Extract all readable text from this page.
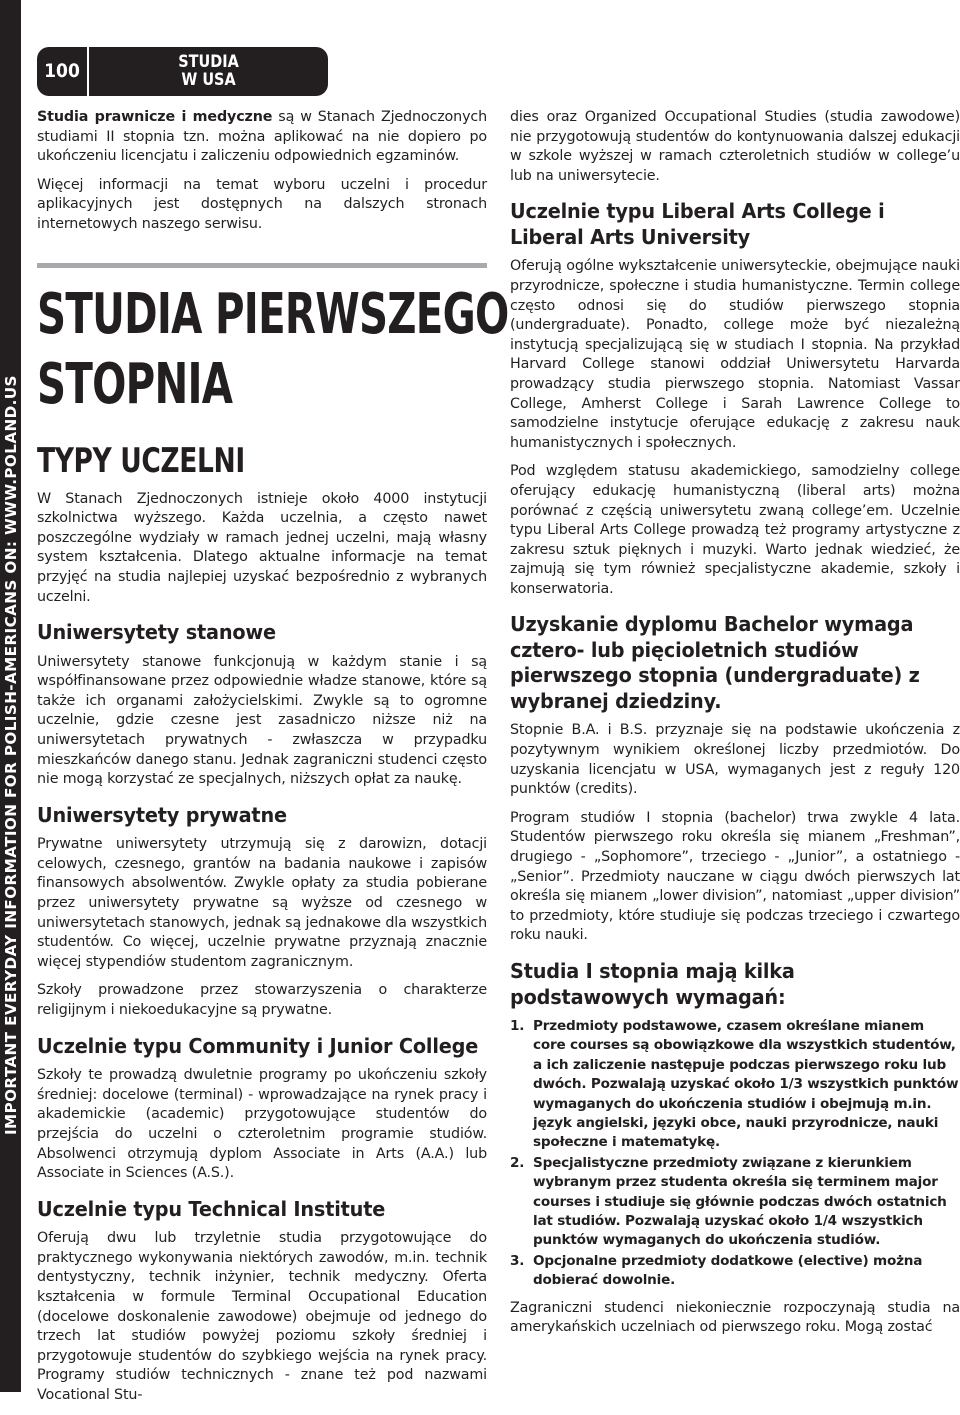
IMPORTANT EVERYDAY INFORMATION FOR POLISH-AMERICANS ON: WWW.POLAND.US
100	STUDIA
W USA

Studia prawnicze i medyczne są w Stanach Zjednoczonych studiami II stopnia tzn. można aplikować na nie dopiero po ukończeniu licencjatu i zaliczeniu odpowiednich egzaminów.

Więcej informacji na temat wyboru uczelni i procedur aplikacyjnych jest dostępnych na dalszych stronach internetowych naszego serwisu.

STUDIA PIERWSZEGO
STOPNIA
TYPY UCZELNI

W Stanach Zjednoczonych istnieje około 4000 instytucji szkolnictwa wyższego. Każda uczelnia, a często nawet poszczególne wydziały w ramach jednej uczelni, mają własny system kształcenia. Dlatego aktualne informacje na temat przyjęć na studia najlepiej uzyskać bezpośrednio z wybranych uczelni.

Uniwersytety stanowe

Uniwersytety stanowe funkcjonują w każdym stanie i są współfinansowane przez odpowiednie władze stanowe, które są także ich organami założycielskimi. Zwykle są to ogromne uczelnie, gdzie czesne jest zasadniczo niższe niż na uniwersytetach prywatnych - zwłaszcza w przypadku mieszkańców danego stanu. Jednak zagraniczni studenci często nie mogą korzystać ze specjalnych, niższych opłat za naukę.

Uniwersytety prywatne

Prywatne uniwersytety utrzymują się z darowizn, dotacji celowych, czesnego, grantów na badania naukowe i zapisów finansowych absolwentów. Zwykle opłaty za studia pobierane przez uniwersytety prywatne są wyższe od czesnego w uniwersytetach stanowych, jednak są jednakowe dla wszystkich studentów. Co więcej, uczelnie prywatne przyznają znacznie więcej stypendiów studentom zagranicznym.

Szkoły prowadzone przez stowarzyszenia o charakterze religijnym i niekoedukacyjne są prywatne.

Uczelnie typu Community i Junior College

Szkoły te prowadzą dwuletnie programy po ukończeniu szkoły średniej: docelowe (terminal) - wprowadzające na rynek pracy i akademickie (academic) przygotowujące studentów do przejścia do uczelni o czteroletnim programie studiów. Absolwenci otrzymują dyplom Associate in Arts (A.A.) lub Associate in Sciences (A.S.).

Uczelnie typu Technical Institute

Oferują dwu lub trzyletnie studia przygotowujące do praktycznego wykonywania niektórych zawodów, m.in. technik dentystyczny, technik inżynier, technik medyczny. Oferta kształcenia w formule Terminal Occupational Education (docelowe doskonalenie zawodowe) obejmuje od jednego do trzech lat studiów powyżej poziomu szkoły średniej i przygotowuje studentów do szybkiego wejścia na rynek pracy. Programy studiów technicznych - znane też pod nazwami Vocational Stu-

dies oraz Organized Occupational Studies (studia zawodowe) nie przygotowują studentów do kontynuowania dalszej edukacji w szkole wyższej w ramach czteroletnich studiów w college’u lub na uniwersytecie.

Uczelnie typu Liberal Arts College i Liberal Arts University

Oferują ogólne wykształcenie uniwersyteckie, obejmujące nauki przyrodnicze, społeczne i studia humanistyczne. Termin college często odnosi się do studiów pierwszego stopnia (undergraduate). Ponadto, college może być niezależną instytucją specjalizującą się w studiach I stopnia. Na przykład Harvard College stanowi oddział Uniwersytetu Harvarda prowadzący studia pierwszego stopnia. Natomiast Vassar College, Amherst College i Sarah Lawrence College to samodzielne instytucje oferujące edukację z zakresu nauk humanistycznych i społecznych.

Pod względem statusu akademickiego, samodzielny college oferujący edukację humanistyczną (liberal arts) można porównać z częścią uniwersytetu zwaną college’em. Uczelnie typu Liberal Arts College prowadzą też programy artystyczne z zakresu sztuk pięknych i muzyki. Warto jednak wiedzieć, że zajmują się tym również specjalistyczne akademie, szkoły i konserwatoria.

Uzyskanie dyplomu Bachelor wymaga cztero- lub pięcioletnich studiów pierwszego stopnia (undergraduate) z wybranej dziedziny.

Stopnie B.A. i B.S. przyznaje się na podstawie ukończenia z pozytywnym wynikiem określonej liczby przedmiotów. Do uzyskania licencjatu w USA, wymaganych jest z reguły 120 punktów (credits).

Program studiów I stopnia (bachelor) trwa zwykle 4 lata. Studentów pierwszego roku określa się mianem „Freshman”, drugiego - „Sophomore”, trzeciego - „Junior”, a ostatniego - „Senior”. Przedmioty nauczane w ciągu dwóch pierwszych lat określa się mianem „lower division”, natomiast „upper division” to przedmioty, które studiuje się podczas trzeciego i czwartego roku nauki.

Studia I stopnia mają kilka podstawowych wymagań:
1. Przedmioty podstawowe, czasem określane mianem core courses są obowiązkowe dla wszystkich studentów, a ich zaliczenie następuje podczas pierwszego roku lub dwóch. Pozwalają uzyskać około 1/3 wszystkich punktów wymaganych do ukończenia studiów i obejmują m.in. język angielski, języki obce, nauki przyrodnicze, nauki społeczne i matematykę.
2. Specjalistyczne przedmioty związane z kierunkiem wybranym przez studenta określa się terminem major courses i studiuje się głównie podczas dwóch ostatnich lat studiów. Pozwalają uzyskać około 1/4 wszystkich punktów wymaganych do ukończenia studiów.
3. Opcjonalne przedmioty dodatkowe (elective) można dobierać dowolnie.

Zagraniczni studenci niekoniecznie rozpoczynają studia na amerykańskich uczelniach od pierwszego roku. Mogą zostać
